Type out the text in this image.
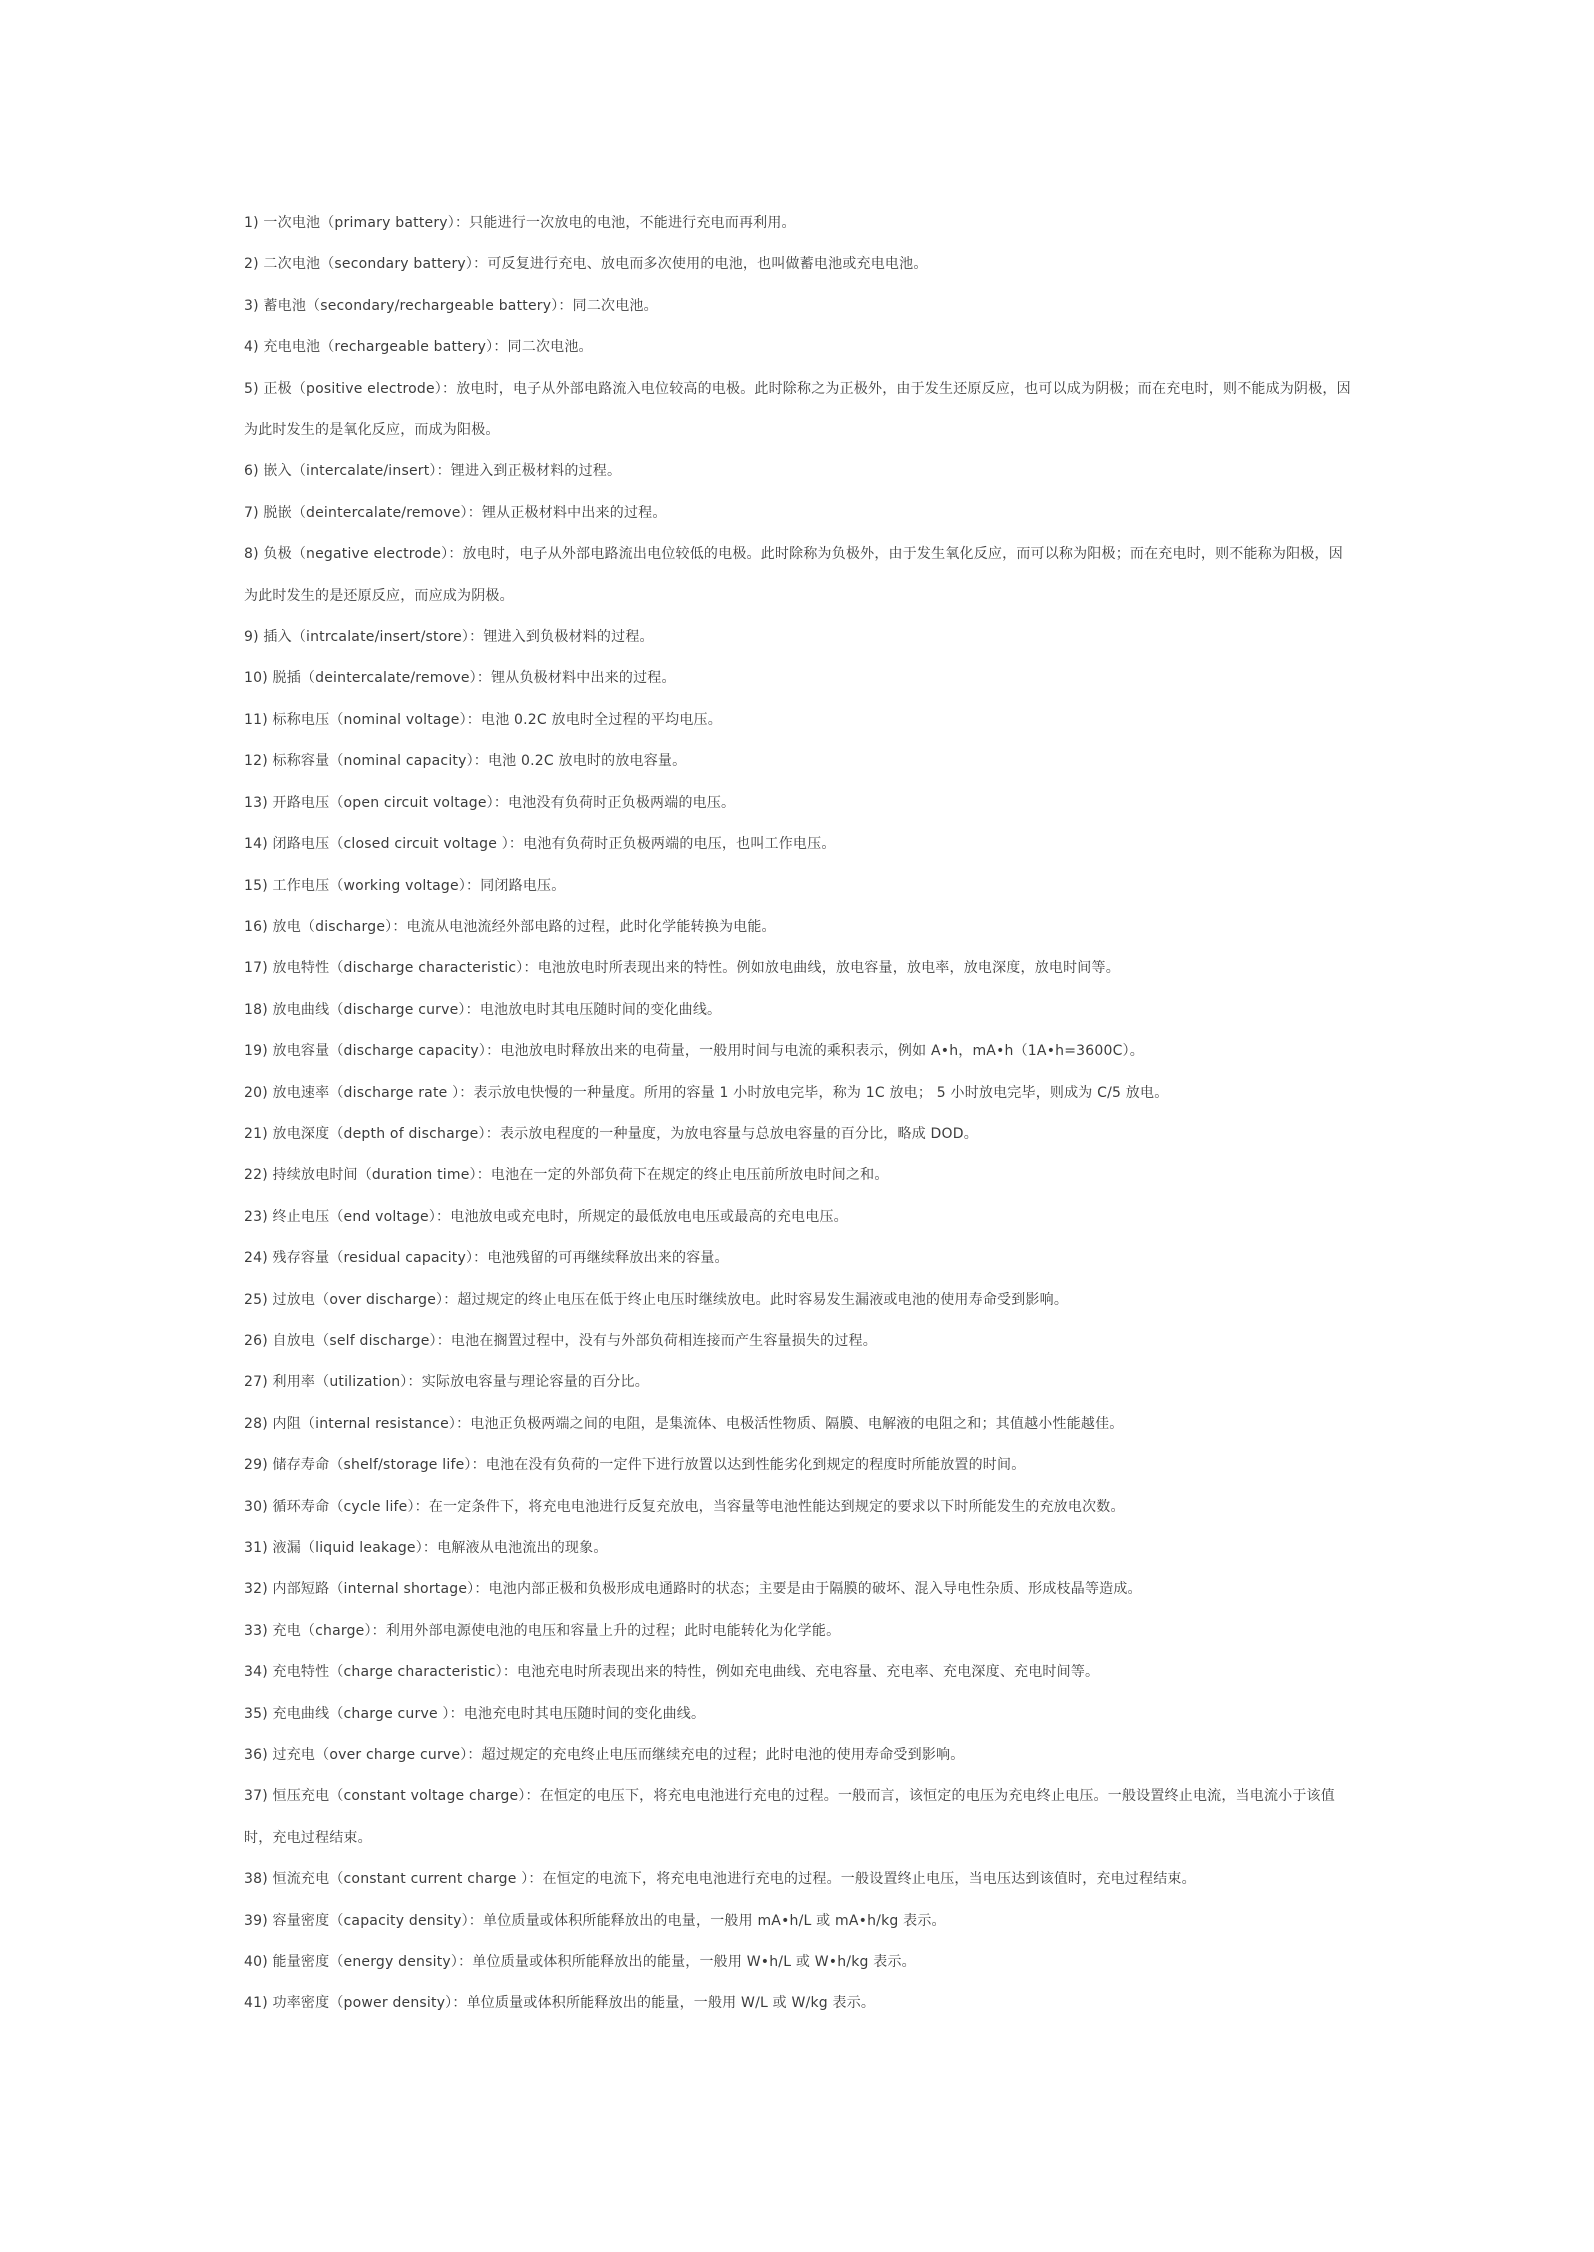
1) 一次电池（primary battery）：只能进行一次放电的电池，不能进行充电而再利用。
2) 二次电池（secondary battery）：可反复进行充电、放电而多次使用的电池，也叫做蓄电池或充电电池。
3) 蓄电池（secondary/rechargeable battery）：同二次电池。
4) 充电电池（rechargeable battery）：同二次电池。
5) 正极（positive electrode）：放电时，电子从外部电路流入电位较高的电极。此时除称之为正极外，由于发生还原反应，也可以成为阴极；而在充电时，则不能成为阴极，因为此时发生的是氧化反应，而成为阳极。
6) 嵌入（intercalate/insert）：锂进入到正极材料的过程。
7) 脱嵌（deintercalate/remove）：锂从正极材料中出来的过程。
8) 负极（negative electrode）：放电时，电子从外部电路流出电位较低的电极。此时除称为负极外，由于发生氧化反应，而可以称为阳极；而在充电时，则不能称为阳极，因为此时发生的是还原反应，而应成为阴极。
9) 插入（intrcalate/insert/store）：锂进入到负极材料的过程。
10) 脱插（deintercalate/remove）：锂从负极材料中出来的过程。
11) 标称电压（nominal voltage）：电池 0.2C 放电时全过程的平均电压。
12) 标称容量（nominal capacity）：电池 0.2C 放电时的放电容量。
13) 开路电压（open circuit voltage）：电池没有负荷时正负极两端的电压。
14) 闭路电压（closed circuit voltage ）：电池有负荷时正负极两端的电压，也叫工作电压。
15) 工作电压（working voltage）：同闭路电压。
16) 放电（discharge）：电流从电池流经外部电路的过程，此时化学能转换为电能。
17) 放电特性（discharge characteristic）：电池放电时所表现出来的特性。例如放电曲线，放电容量，放电率，放电深度，放电时间等。
18) 放电曲线（discharge curve）：电池放电时其电压随时间的变化曲线。
19) 放电容量（discharge capacity）：电池放电时释放出来的电荷量，一般用时间与电流的乘积表示，例如 A•h，mA•h（1A•h=3600C）。
20) 放电速率（discharge rate ）：表示放电快慢的一种量度。所用的容量 1 小时放电完毕，称为 1C 放电； 5 小时放电完毕，则成为 C/5 放电。
21) 放电深度（depth of discharge）：表示放电程度的一种量度，为放电容量与总放电容量的百分比，略成 DOD。
22) 持续放电时间（duration time）：电池在一定的外部负荷下在规定的终止电压前所放电时间之和。
23) 终止电压（end voltage）：电池放电或充电时，所规定的最低放电电压或最高的充电电压。
24) 残存容量（residual capacity）：电池残留的可再继续释放出来的容量。
25) 过放电（over discharge）：超过规定的终止电压在低于终止电压时继续放电。此时容易发生漏液或电池的使用寿命受到影响。
26) 自放电（self discharge）：电池在搁置过程中，没有与外部负荷相连接而产生容量损失的过程。
27) 利用率（utilization）：实际放电容量与理论容量的百分比。
28) 内阻（internal resistance）：电池正负极两端之间的电阻，是集流体、电极活性物质、隔膜、电解液的电阻之和；其值越小性能越佳。
29) 储存寿命（shelf/storage life）：电池在没有负荷的一定件下进行放置以达到性能劣化到规定的程度时所能放置的时间。
30) 循环寿命（cycle life）：在一定条件下，将充电电池进行反复充放电，当容量等电池性能达到规定的要求以下时所能发生的充放电次数。
31) 液漏（liquid leakage）：电解液从电池流出的现象。
32) 内部短路（internal shortage）：电池内部正极和负极形成电通路时的状态；主要是由于隔膜的破坏、混入导电性杂质、形成枝晶等造成。
33) 充电（charge）：利用外部电源使电池的电压和容量上升的过程；此时电能转化为化学能。
34) 充电特性（charge characteristic）：电池充电时所表现出来的特性，例如充电曲线、充电容量、充电率、充电深度、充电时间等。
35) 充电曲线（charge curve ）：电池充电时其电压随时间的变化曲线。
36) 过充电（over charge curve）：超过规定的充电终止电压而继续充电的过程；此时电池的使用寿命受到影响。
37) 恒压充电（constant voltage charge）：在恒定的电压下，将充电电池进行充电的过程。一般而言，该恒定的电压为充电终止电压。一般设置终止电流，当电流小于该值时，充电过程结束。
38) 恒流充电（constant current charge ）：在恒定的电流下，将充电电池进行充电的过程。一般设置终止电压，当电压达到该值时，充电过程结束。
39) 容量密度（capacity density）：单位质量或体积所能释放出的电量，一般用 mA•h/L 或 mA•h/kg 表示。
40) 能量密度（energy density）：单位质量或体积所能释放出的能量，一般用 W•h/L 或 W•h/kg 表示。
41) 功率密度（power density）：单位质量或体积所能释放出的能量，一般用 W/L 或 W/kg 表示。
